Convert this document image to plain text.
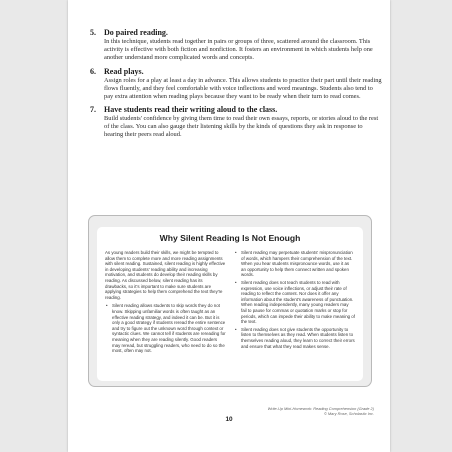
5. Do paired reading.

In this technique, students read together in pairs or groups of three, scattered around the classroom. This activity is effective with both fiction and nonfiction. It fosters an environment in which students help one another understand more complicated words and concepts.

6. Read plays.

Assign roles for a play at least a day in advance. This allows students to practice their part until their reading flows fluently, and they feel comfortable with voice inflections and word meanings. Students also tend to pay extra attention when reading plays because they want to be ready when their turn to read comes.

7. Have students read their writing aloud to the class.

Build students' confidence by giving them time to read their own essays, reports, or stories aloud to the rest of the class. You can also gauge their listening skills by the kinds of questions they ask in response to hearing their peers read aloud.

Why Silent Reading Is Not Enough

As young readers build their skills, we might be tempted to allow them to complete more and more reading assignments with silent reading. Sustained, silent reading is highly effective in developing students' reading ability and increasing motivation, and students do develop their reading skills by reading. As discussed below, silent reading has its drawbacks, so it's important to make sure students are applying strategies to help them comprehend the text they're reading.

• Silent reading allows students to skip words they do not know. Skipping unfamiliar words is often taught as an effective reading strategy, and indeed it can be. But it is only a good strategy if students reread the entire sentence and try to figure out the unknown word through context or syntactic clues. We cannot tell if students are rereading for meaning when they are reading silently. Good readers may reread, but struggling readers, who need to do so the most, often may not.
• Silent reading may perpetuate students' mispronunciation of words, which hampers their comprehension of the text. When you hear students mispronounce words, use it as an opportunity to help them connect written and spoken words.
• Silent reading does not teach students to read with expression, use voice inflections, or adjust their rate of reading to reflect the content. Nor does it offer any information about the student's awareness of punctuation. When reading independently, many young readers may fail to pause for commas or quotation marks or stop for periods, which can impede their ability to make meaning of the text.
• Silent reading does not give students the opportunity to listen to themselves as they read. When students listen to themselves reading aloud, they learn to correct their errors and ensure that what they read makes sense.
Write-Up Mini-Homework: Reading Comprehension (Grade 2)
© Mary Rose, Scholastic Inc.
10
